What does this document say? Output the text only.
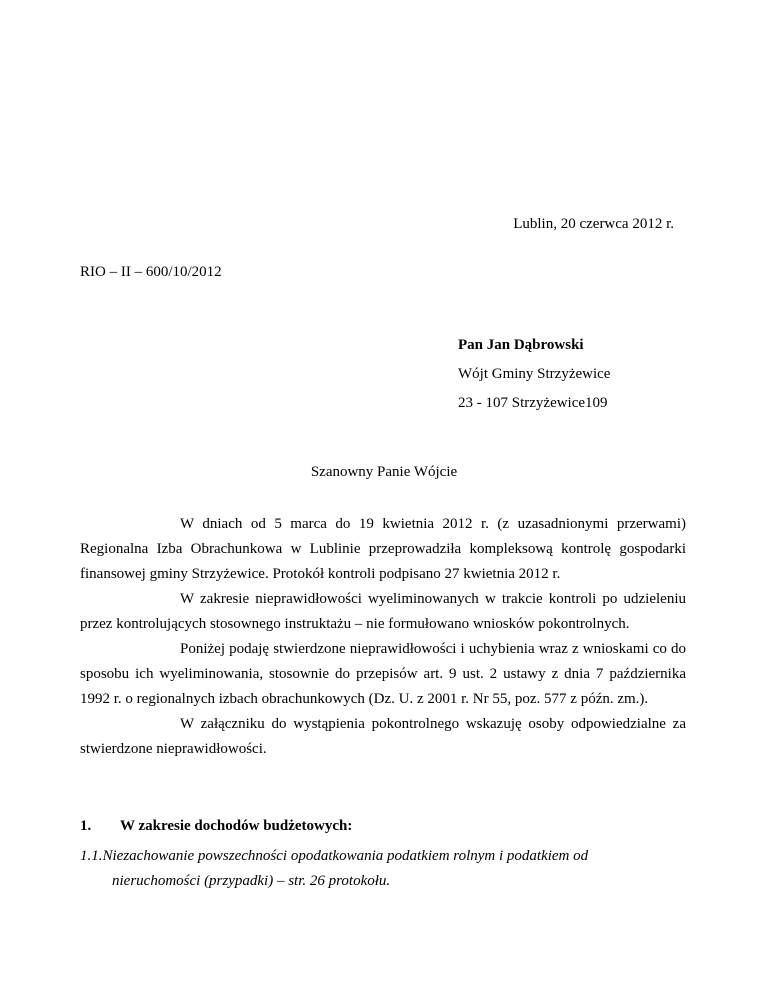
Lublin, 20 czerwca 2012 r.
RIO – II – 600/10/2012
Pan Jan Dąbrowski
Wójt Gminy Strzyżewice
23 - 107 Strzyżewice109
Szanowny Panie Wójcie

W dniach od 5 marca do 19 kwietnia 2012 r. (z uzasadnionymi przerwami) Regionalna Izba Obrachunkowa w Lublinie przeprowadziła kompleksową kontrolę gospodarki finansowej gminy Strzyżewice. Protokół kontroli podpisano 27 kwietnia 2012 r.

W zakresie nieprawidłowości wyeliminowanych w trakcie kontroli po udzieleniu przez kontrolujących stosownego instruktażu – nie formułowano wniosków pokontrolnych.

Poniżej podaję stwierdzone nieprawidłowości i uchybienia wraz z wnioskami co do sposobu ich wyeliminowania, stosownie do przepisów art. 9 ust. 2 ustawy z dnia 7 października 1992 r. o regionalnych izbach obrachunkowych (Dz. U. z 2001 r. Nr 55, poz. 577 z późn. zm.).

W załączniku do wystąpienia pokontrolnego wskazuję osoby odpowiedzialne za stwierdzone nieprawidłowości.

1. W zakresie dochodów budżetowych:
1.1.Niezachowanie powszechności opodatkowania podatkiem rolnym i podatkiem od
nieruchomości (przypadki) – str. 26 protokołu.
